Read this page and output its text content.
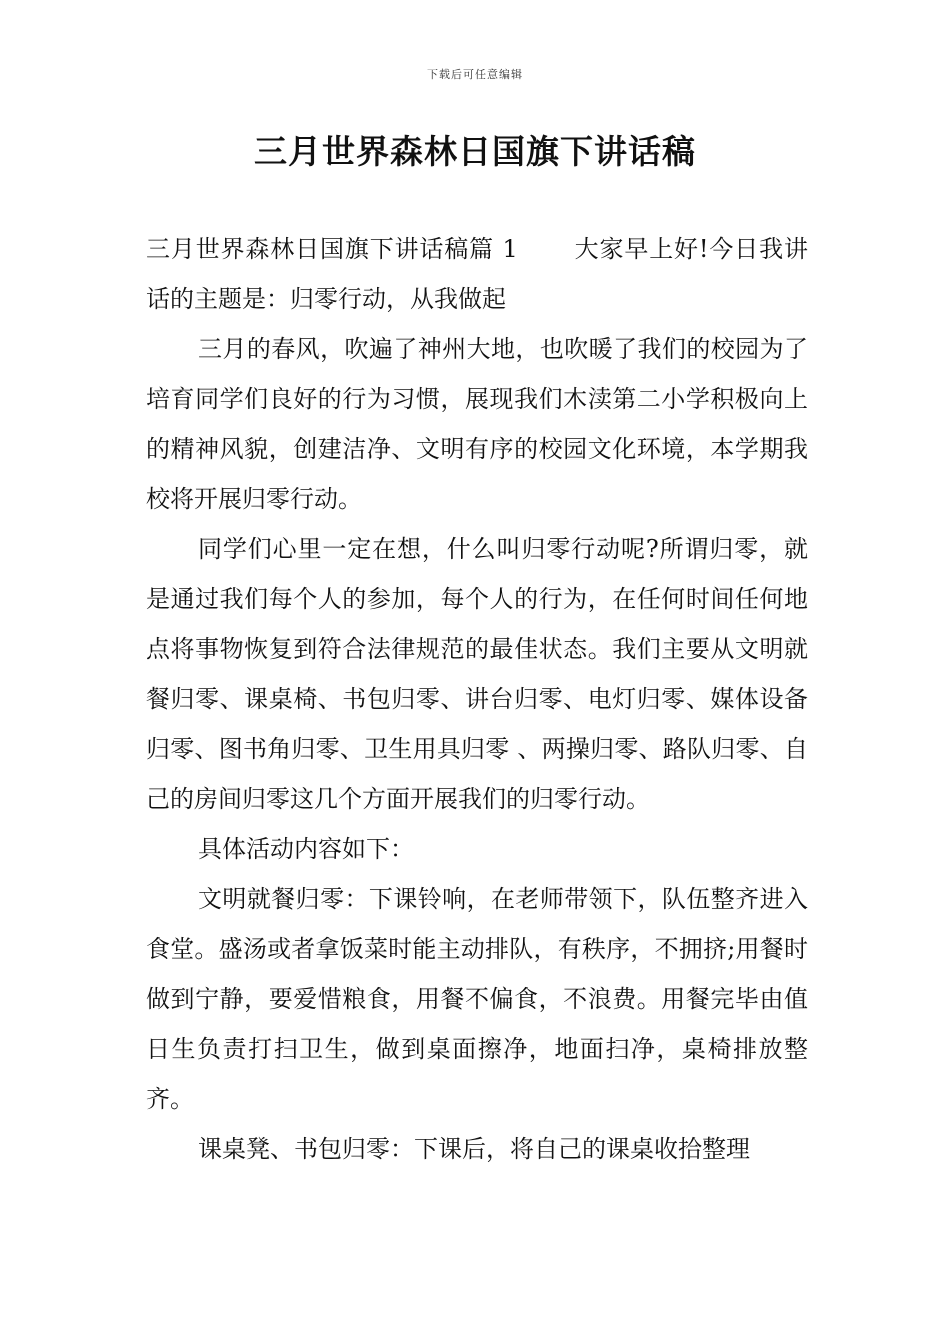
下载后可任意编辑
三月世界森林日国旗下讲话稿

三月世界森林日国旗下讲话稿篇 1 大家早上好!今日我讲话的主题是：归零行动，从我做起

三月的春风，吹遍了神州大地，也吹暖了我们的校园为了培育同学们良好的行为习惯，展现我们木渎第二小学积极向上的精神风貌，创建洁净、文明有序的校园文化环境，本学期我校将开展归零行动。

同学们心里一定在想，什么叫归零行动呢?所谓归零，就是通过我们每个人的参加，每个人的行为，在任何时间任何地点将事物恢复到符合法律规范的最佳状态。我们主要从文明就餐归零、课桌椅、书包归零、讲台归零、电灯归零、媒体设备归零、图书角归零、卫生用具归零 、两操归零、路队归零、自己的房间归零这几个方面开展我们的归零行动。

具体活动内容如下：

文明就餐归零：下课铃响，在老师带领下，队伍整齐进入食堂。盛汤或者拿饭菜时能主动排队，有秩序，不拥挤;用餐时做到宁静，要爱惜粮食，用餐不偏食，不浪费。用餐完毕由值日生负责打扫卫生，做到桌面擦净，地面扫净，桌椅排放整齐。

课桌凳、书包归零：下课后，将自己的课桌收拾整理
